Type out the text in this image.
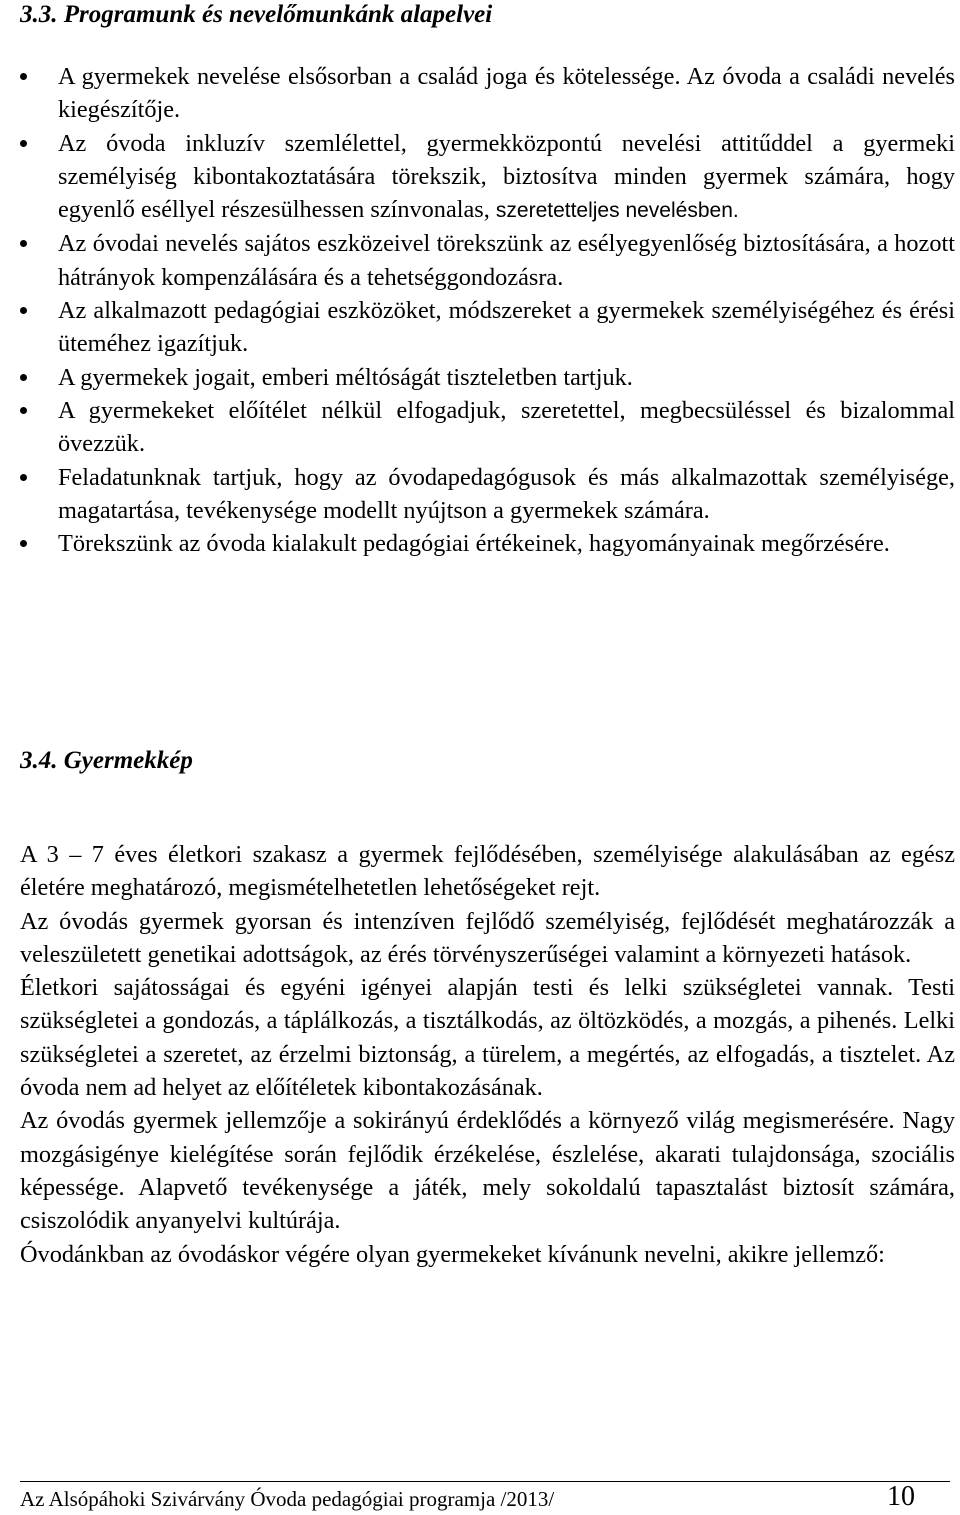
3.3. Programunk és nevelőmunkánk alapelvei
A gyermekek nevelése elsősorban a család joga és kötelessége. Az óvoda a családi nevelés kiegészítője.
Az óvoda inkluzív szemlélettel, gyermekközpontú nevelési attitűddel a gyermeki személyiség kibontakoztatására törekszik, biztosítva minden gyermek számára, hogy egyenlő eséllyel részesülhessen színvonalas, szeretetteljes nevelésben.
Az óvodai nevelés sajátos eszközeivel törekszünk az esélyegyenlőség biztosítására, a hozott hátrányok kompenzálására és a tehetséggondozásra.
Az alkalmazott pedagógiai eszközöket, módszereket a gyermekek személyiségéhez és érési üteméhez igazítjuk.
A gyermekek jogait, emberi méltóságát tiszteletben tartjuk.
A gyermekeket előítélet nélkül elfogadjuk, szeretettel, megbecsüléssel és bizalommal övezzük.
Feladatunknak tartjuk, hogy az óvodapedagógusok és más alkalmazottak személyisége, magatartása, tevékenysége modellt nyújtson a gyermekek számára.
Törekszünk az óvoda kialakult pedagógiai értékeinek, hagyományainak megőrzésére.
3.4. Gyermekkép

A 3 – 7 éves életkori szakasz a gyermek fejlődésében, személyisége alakulásában az egész életére meghatározó, megismételhetetlen lehetőségeket rejt.

Az óvodás gyermek gyorsan és intenzíven fejlődő személyiség, fejlődését meghatározzák a veleszületett genetikai adottságok, az érés törvényszerűségei valamint a környezeti hatások.

Életkori sajátosságai és egyéni igényei alapján testi és lelki szükségletei vannak. Testi szükségletei a gondozás, a táplálkozás, a tisztálkodás, az öltözködés, a mozgás, a pihenés. Lelki szükségletei a szeretet, az érzelmi biztonság, a türelem, a megértés, az elfogadás, a tisztelet. Az óvoda nem ad helyet az előítéletek kibontakozásának.

Az óvodás gyermek jellemzője a sokirányú érdeklődés a környező világ megismerésére. Nagy mozgásigénye kielégítése során fejlődik érzékelése, észlelése, akarati tulajdonsága, szociális képessége. Alapvető tevékenysége a játék, mely sokoldalú tapasztalást biztosít számára, csiszolódik anyanyelvi kultúrája.

Óvodánkban az óvodáskor végére olyan gyermekeket kívánunk nevelni, akikre jellemző:

Az Alsópáhoki Szivárvány Óvoda pedagógiai programja /2013/	10
